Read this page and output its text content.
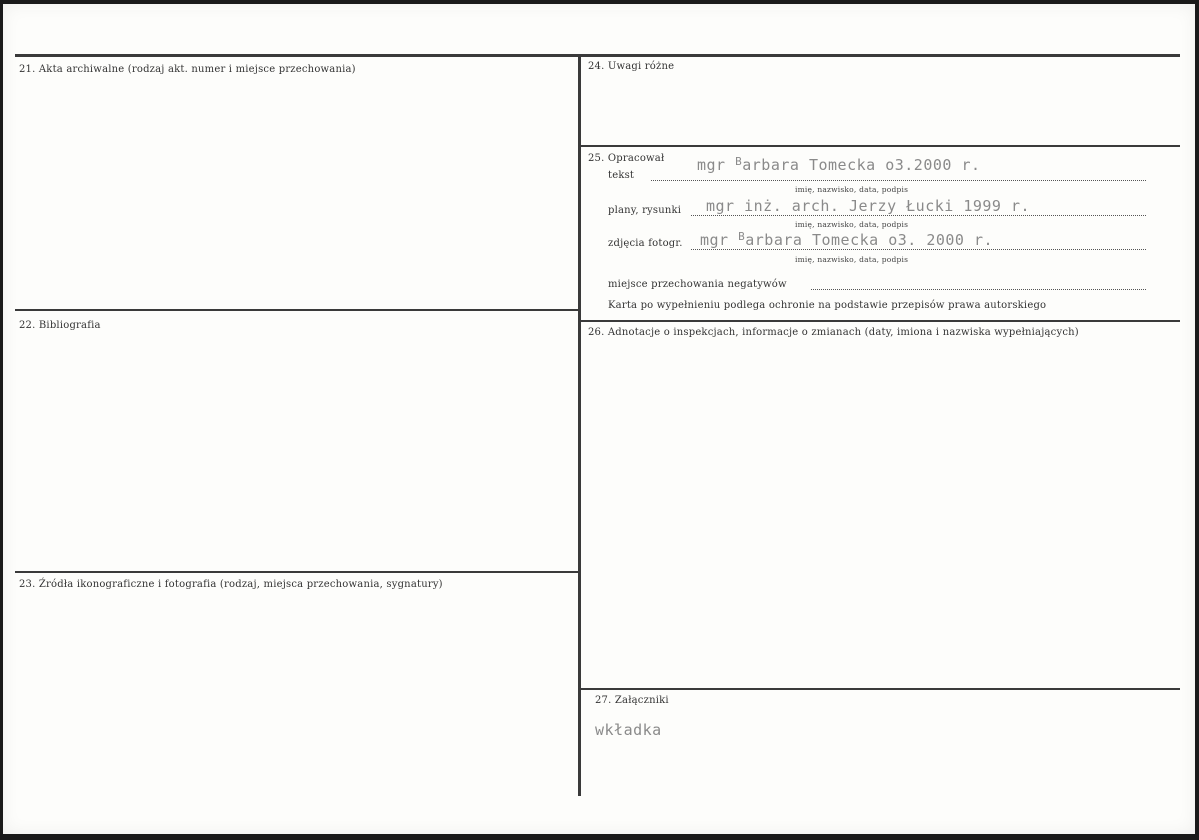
21. Akta archiwalne (rodzaj akt. numer i miejsce przechowania)
22. Bibliografia
23. Źródła ikonograficzne i fotografia (rodzaj, miejsca przechowania, sygnatury)
24. Uwagi różne
25. Opracował
tekst
mgr $^B$arbara Tomecka o3.2000 r.
imię, nazwisko, data, podpis
plany, rysunki mgr inż. arch. Jerzy Łucki 1999 r.
imię, nazwisko, data, podpis
zdjęcia fotogr. mgr $^B$arbara Tomecka o3. 2000 r.
imię, nazwisko, data, podpis
miejsce przechowania negatywów
Karta po wypełnieniu podlega ochronie na podstawie przepisów prawa autorskiego
26. Adnotacje o inspekcjach, informacje o zmianach (daty, imiona i nazwiska wypełniających)
27. Załączniki
wkładka
